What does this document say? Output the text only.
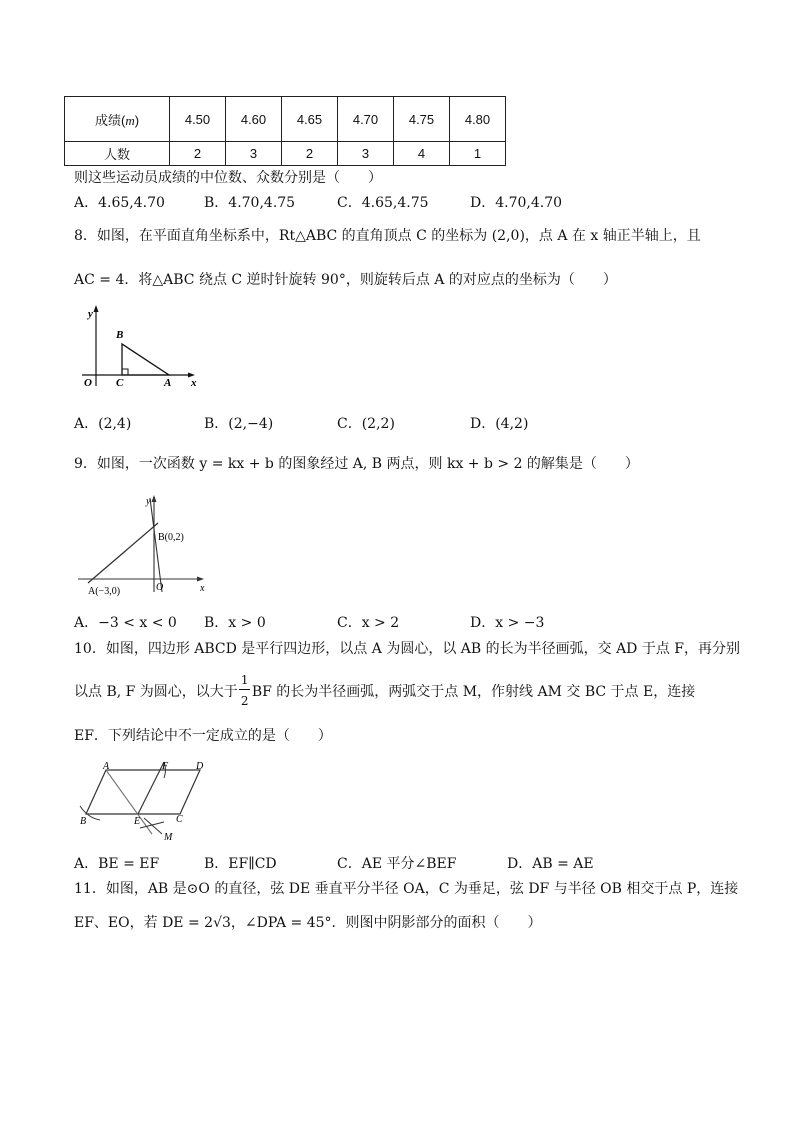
成绩(m)	4.50	4.60	4.65	4.70	4.75	4.80
人数	2	3	2	3	4	1
则这些运动员成绩的中位数、众数分别是（　　）
A．4.65,4.70	B．4.70,4.75	C．4.65,4.75	D．4.70,4.70
8．如图，在平面直角坐标系中，Rt△ABC 的直角顶点 C 的坐标为 (2,0)，点 A 在 x 轴正半轴上，且
AC = 4．将△ABC 绕点 C 逆时针旋转 90°，则旋转后点 A 的对应点的坐标为（　　）
y
x
O
B
C	A
A．(2,4)	B．(2,−4)	C．(2,2)	D．(4,2)
9．如图，一次函数 y = kx + b 的图象经过 A, B 两点，则 kx + b > 2 的解集是（　　）
y
x
O
B(0,2)
A(−3,0)
A．−3 < x < 0 B．x > 0	C．x > 2	D．x > −3
10．如图，四边形 ABCD 是平行四边形，以点 A 为圆心，以 AB 的长为半径画弧，交 AD 于点 F，再分别
以点 B, F 为圆心，以大于 $\frac{1}{2}$ BF 的长为半径画弧，两弧交于点 M，作射线 AM 交 BC 于点 E，连接
EF．下列结论中不一定成立的是（　　）
A	F	D
B	E	C
M
A．BE = EF	B．EF∥CD	C．AE 平分∠BEF	D．AB = AE
11．如图，AB 是⊙O 的直径，弦 DE 垂直平分半径 OA，C 为垂足，弦 DF 与半径 OB 相交于点 P，连接
EF、EO，若 DE = 2√3，∠DPA = 45°．则图中阴影部分的面积（　　）
